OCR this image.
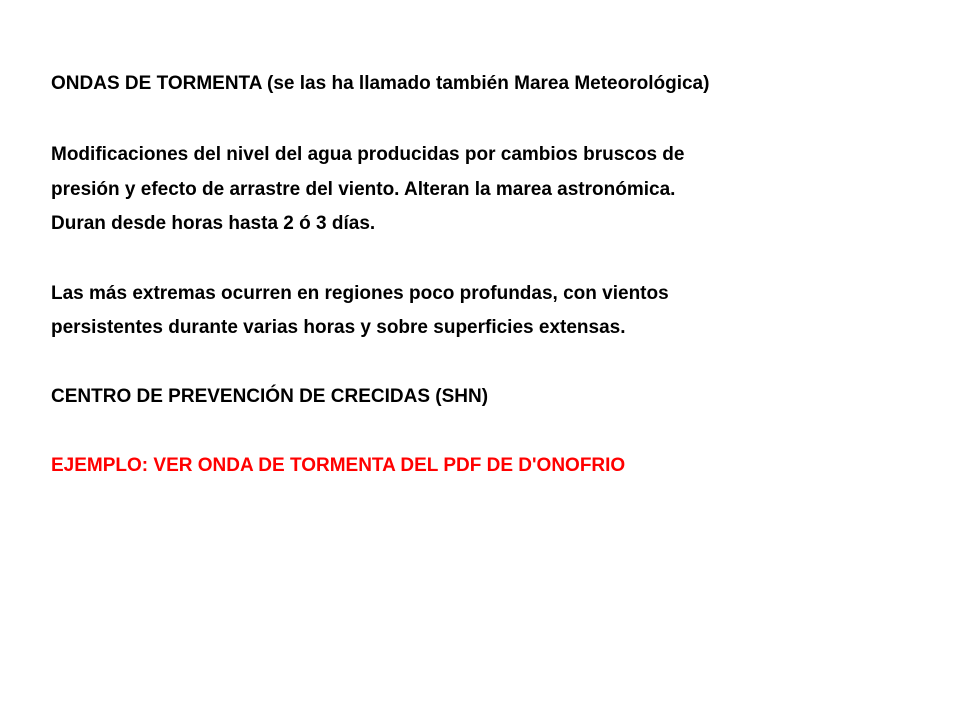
ONDAS DE TORMENTA (se las ha llamado también Marea Meteorológica)

Modificaciones del nivel del agua producidas por cambios bruscos de

presión y efecto de arrastre del viento. Alteran la marea astronómica.

Duran desde horas hasta 2 ó 3 días.

Las más extremas ocurren en regiones poco profundas, con vientos

persistentes durante varias horas y sobre superficies extensas.

CENTRO DE PREVENCIÓN DE CRECIDAS (SHN)

EJEMPLO: VER ONDA DE TORMENTA DEL PDF DE D'ONOFRIO
